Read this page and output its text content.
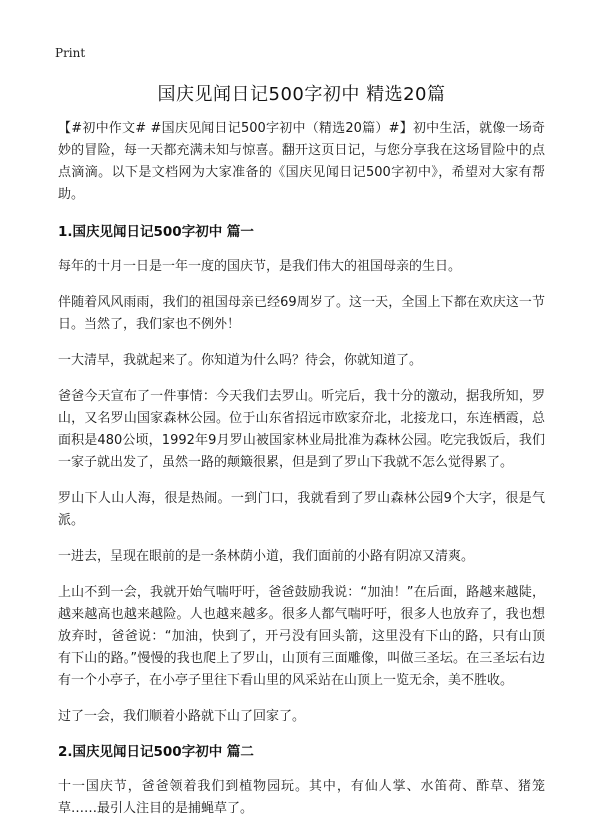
Print
国庆见闻日记500字初中 精选20篇

【#初中作文# #国庆见闻日记500字初中（精选20篇）#】初中生活，就像一场奇妙的冒险，每一天都充满未知与惊喜。翻开这页日记，与您分享我在这场冒险中的点点滴滴。以下是文档网为大家准备的《国庆见闻日记500字初中》，希望对大家有帮助。

1.国庆见闻日记500字初中 篇一

每年的十月一日是一年一度的国庆节，是我们伟大的祖国母亲的生日。

伴随着风风雨雨，我们的祖国母亲已经69周岁了。这一天，全国上下都在欢庆这一节日。当然了，我们家也不例外！

一大清早，我就起来了。你知道为什么吗？待会，你就知道了。

爸爸今天宣布了一件事情：今天我们去罗山。听完后，我十分的激动，据我所知，罗山，又名罗山国家森林公园。位于山东省招远市欧家夼北，北接龙口，东连栖霞，总面积是480公顷，1992年9月罗山被国家林业局批准为森林公园。吃完我饭后，我们一家子就出发了，虽然一路的颠簸很累，但是到了罗山下我就不怎么觉得累了。

罗山下人山人海，很是热闹。一到门口，我就看到了罗山森林公园9个大字，很是气派。

一进去，呈现在眼前的是一条林荫小道，我们面前的小路有阴凉又清爽。

上山不到一会，我就开始气喘吁吁，爸爸鼓励我说：“加油！”在后面，路越来越陡，越来越高也越来越险。人也越来越多。很多人都气喘吁吁，很多人也放弃了，我也想放弃时，爸爸说：“加油，快到了，开弓没有回头箭，这里没有下山的路，只有山顶有下山的路。”慢慢的我也爬上了罗山，山顶有三面雕像，叫做三圣坛。在三圣坛右边有一个小亭子，在小亭子里往下看山里的风采站在山顶上一览无余，美不胜收。

过了一会，我们顺着小路就下山了回家了。

2.国庆见闻日记500字初中 篇二

十一国庆节，爸爸领着我们到植物园玩。其中，有仙人掌、水笛荷、酢草、猪笼草……最引人注目的是捕蝇草了。
